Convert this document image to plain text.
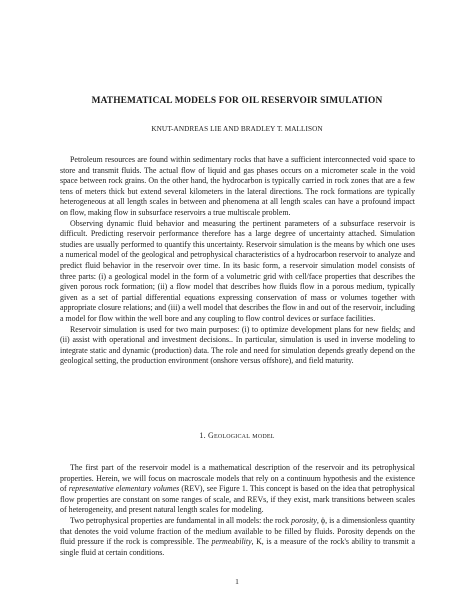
MATHEMATICAL MODELS FOR OIL RESERVOIR SIMULATION
KNUT-ANDREAS LIE AND BRADLEY T. MALLISON

Petroleum resources are found within sedimentary rocks that have a sufficient interconnected void space to store and transmit fluids. The actual flow of liquid and gas phases occurs on a micrometer scale in the void space between rock grains. On the other hand, the hydrocarbon is typically carried in rock zones that are a few tens of meters thick but extend several kilometers in the lateral directions. The rock formations are typically heterogeneous at all length scales in between and phenomena at all length scales can have a profound impact on flow, making flow in subsurface reservoirs a true multiscale problem.

Observing dynamic fluid behavior and measuring the pertinent parameters of a subsurface reservoir is difficult. Predicting reservoir performance therefore has a large degree of uncertainty attached. Simulation studies are usually performed to quantify this uncertainty. Reservoir simulation is the means by which one uses a numerical model of the geological and petrophysical characteristics of a hydrocarbon reservoir to analyze and predict fluid behavior in the reservoir over time. In its basic form, a reservoir simulation model consists of three parts: (i) a geological model in the form of a volumetric grid with cell/face properties that describes the given porous rock formation; (ii) a flow model that describes how fluids flow in a porous medium, typically given as a set of partial differential equations expressing conservation of mass or volumes together with appropriate closure relations; and (iii) a well model that describes the flow in and out of the reservoir, including a model for flow within the well bore and any coupling to flow control devices or surface facilities.

Reservoir simulation is used for two main purposes: (i) to optimize development plans for new fields; and (ii) assist with operational and investment decisions.. In particular, simulation is used in inverse modeling to integrate static and dynamic (production) data. The role and need for simulation depends greatly depend on the geological setting, the production environment (onshore versus offshore), and field maturity.

1. Geological model

The first part of the reservoir model is a mathematical description of the reservoir and its petrophysical properties. Herein, we will focus on macroscale models that rely on a continuum hypothesis and the existence of representative elementary volumes (REV), see Figure 1. This concept is based on the idea that petrophysical flow properties are constant on some ranges of scale, and REVs, if they exist, mark transitions between scales of heterogeneity, and present natural length scales for modeling.

Two petrophysical properties are fundamental in all models: the rock porosity, ϕ, is a dimensionless quantity that denotes the void volume fraction of the medium available to be filled by fluids. Porosity depends on the fluid pressure if the rock is compressible. The permeability, K, is a measure of the rock's ability to transmit a single fluid at certain conditions.

1
